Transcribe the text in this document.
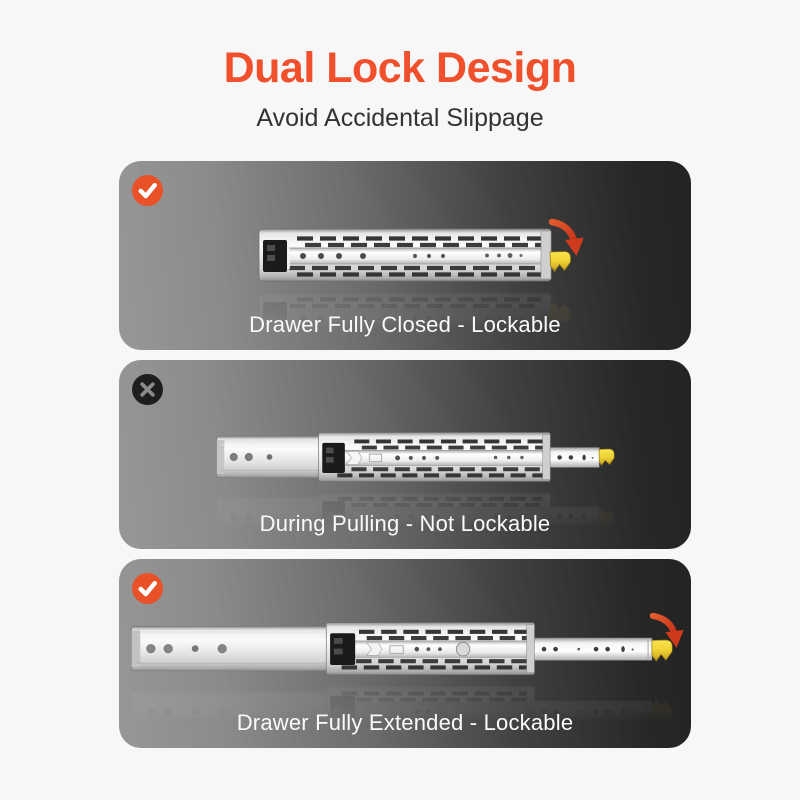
Dual Lock Design
Avoid Accidental Slippage
Drawer Fully Closed - Lockable
During Pulling - Not Lockable
Drawer Fully Extended - Lockable
